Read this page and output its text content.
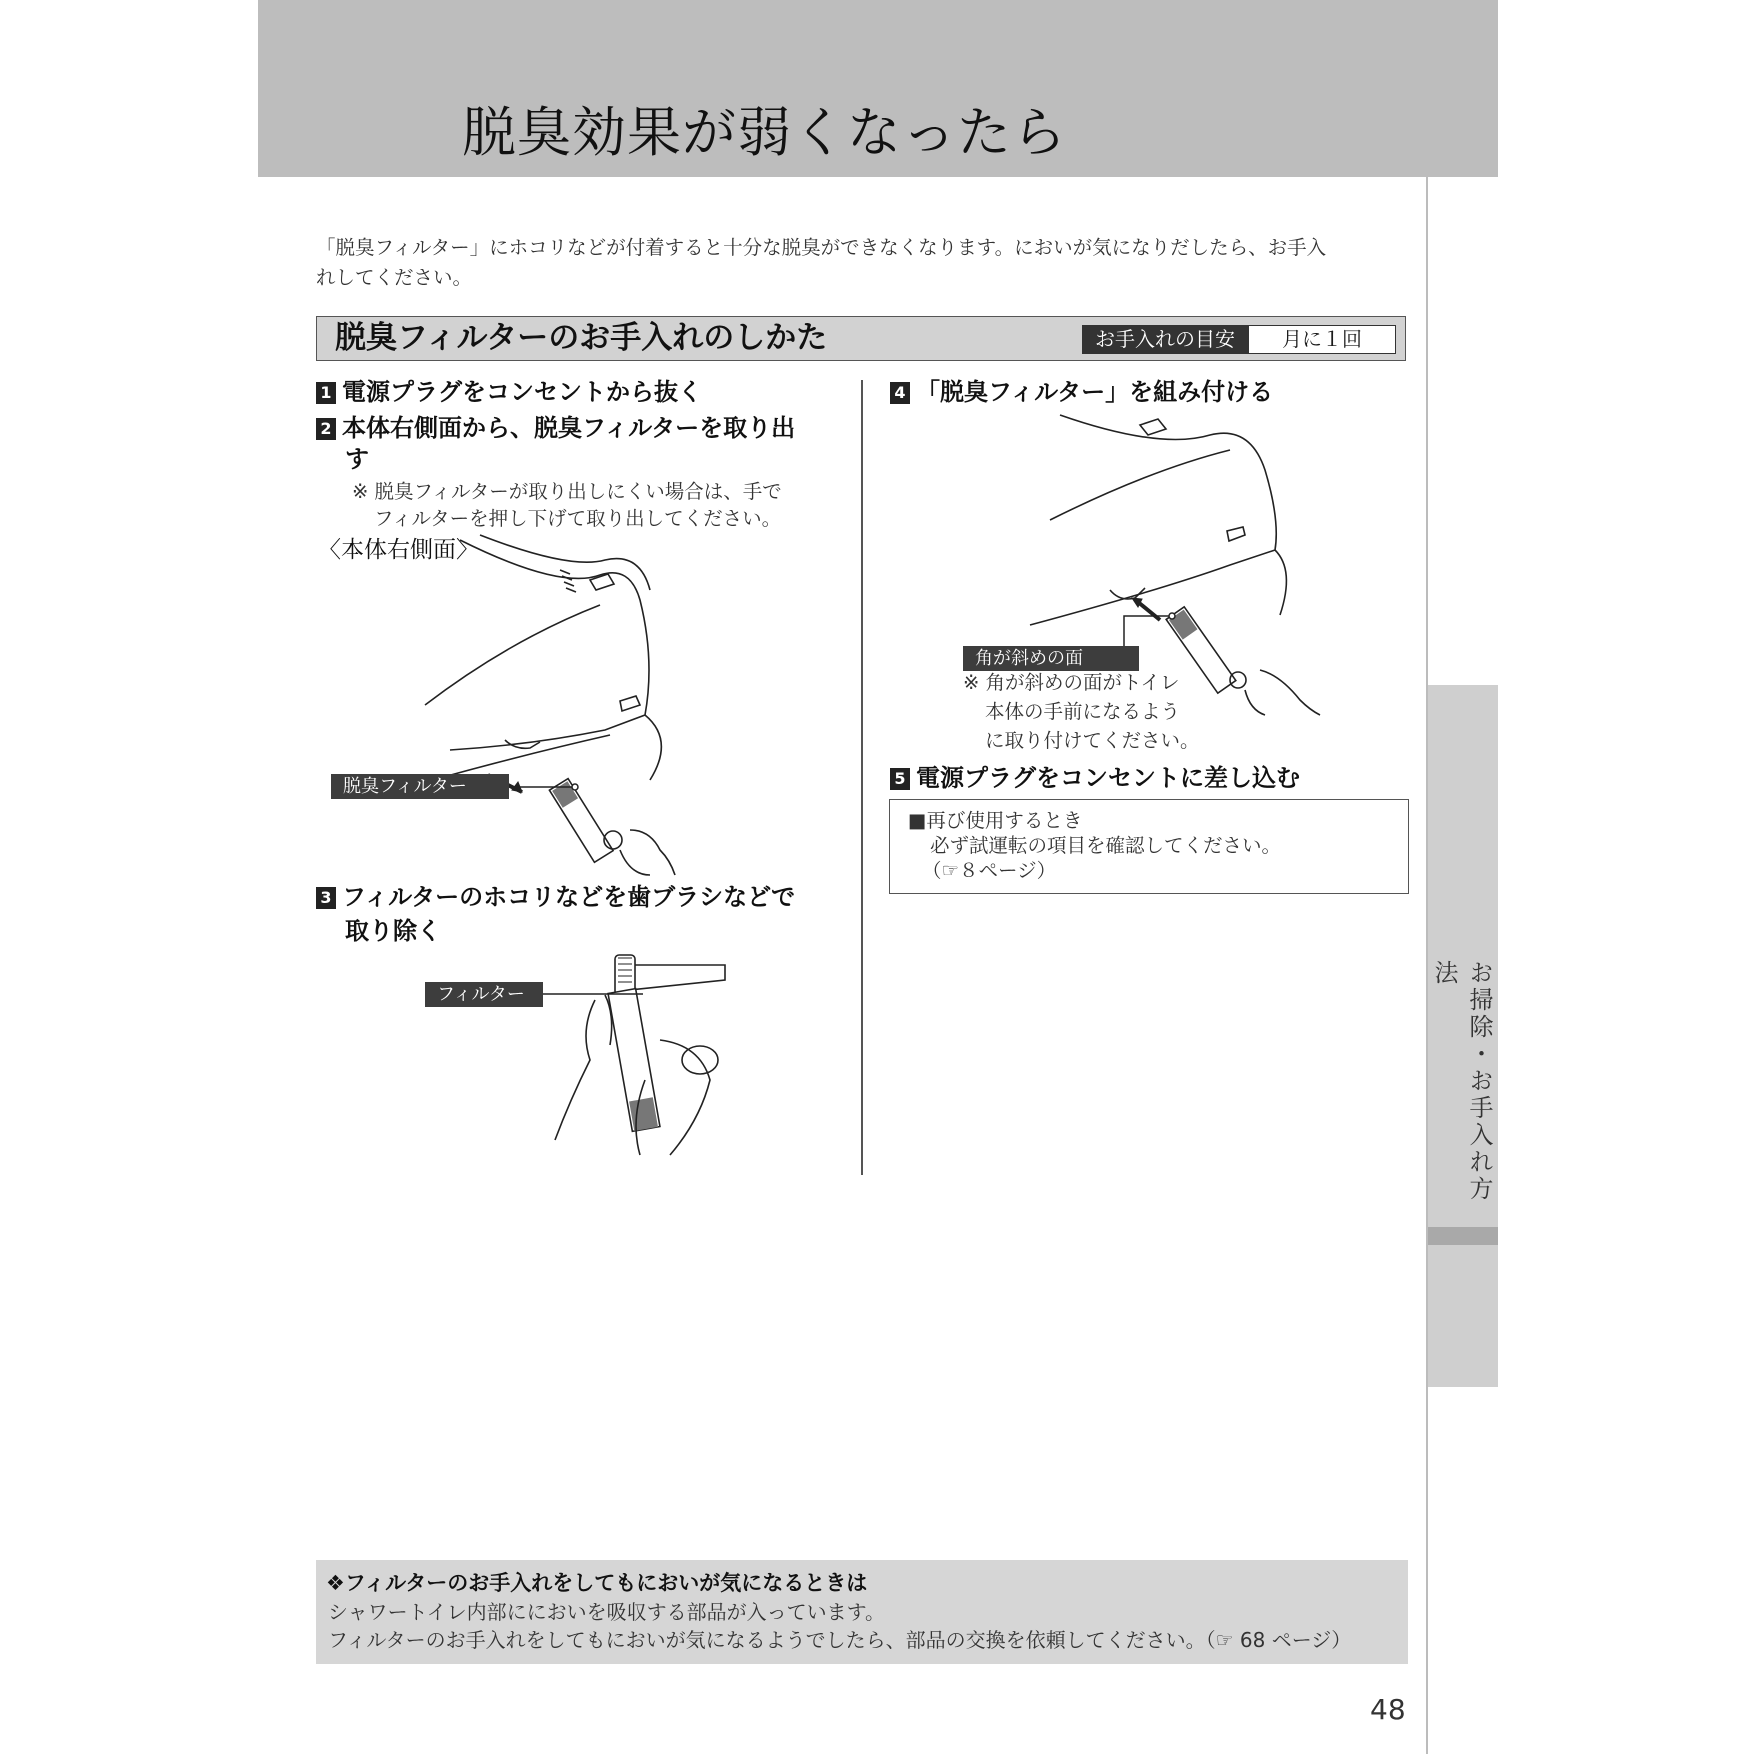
脱臭効果が弱くなったら
お掃除・お手入れ方法
「脱臭フィルター」にホコリなどが付着すると十分な脱臭ができなくなります。においが気になりだしたら、お手入
れしてください。
脱臭フィルターのお手入れのしかた	お手入れの目安	月に１回
1 電源プラグをコンセントから抜く
2 本体右側面から、脱臭フィルターを取り出
す
※ 脱臭フィルターが取り出しにくい場合は、手で
フィルターを押し下げて取り出してください。
〈本体右側面〉
脱臭フィルター
3 フィルターのホコリなどを歯ブラシなどで
取り除く
フィルター
4 「脱臭フィルター」を組み付ける
角が斜めの面
※ 角が斜めの面がトイレ
本体の手前になるよう
に取り付けてください。
5 電源プラグをコンセントに差し込む
■再び使用するとき
必ず試運転の項目を確認してください。
（☞８ページ）
❖フィルターのお手入れをしてもにおいが気になるときは
シャワートイレ内部ににおいを吸収する部品が入っています。
フィルターのお手入れをしてもにおいが気になるようでしたら、部品の交換を依頼してください。（☞ 68 ページ）
48
